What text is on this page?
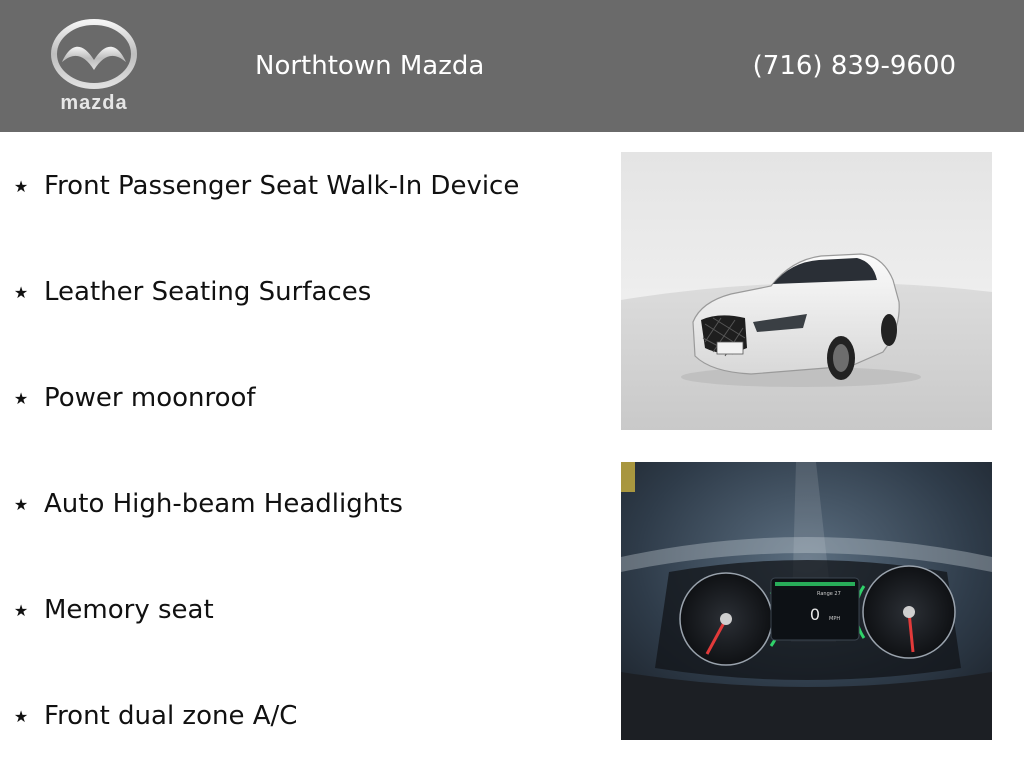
mazda
Northtown Mazda	(716) 839-9600
★ Front Passenger Seat Walk-In Device
★ Leather Seating Surfaces
★ Power moonroof
★ Auto High-beam Headlights
★ Memory seat
★ Front dual zone A/C
0 MPH
Range 27
